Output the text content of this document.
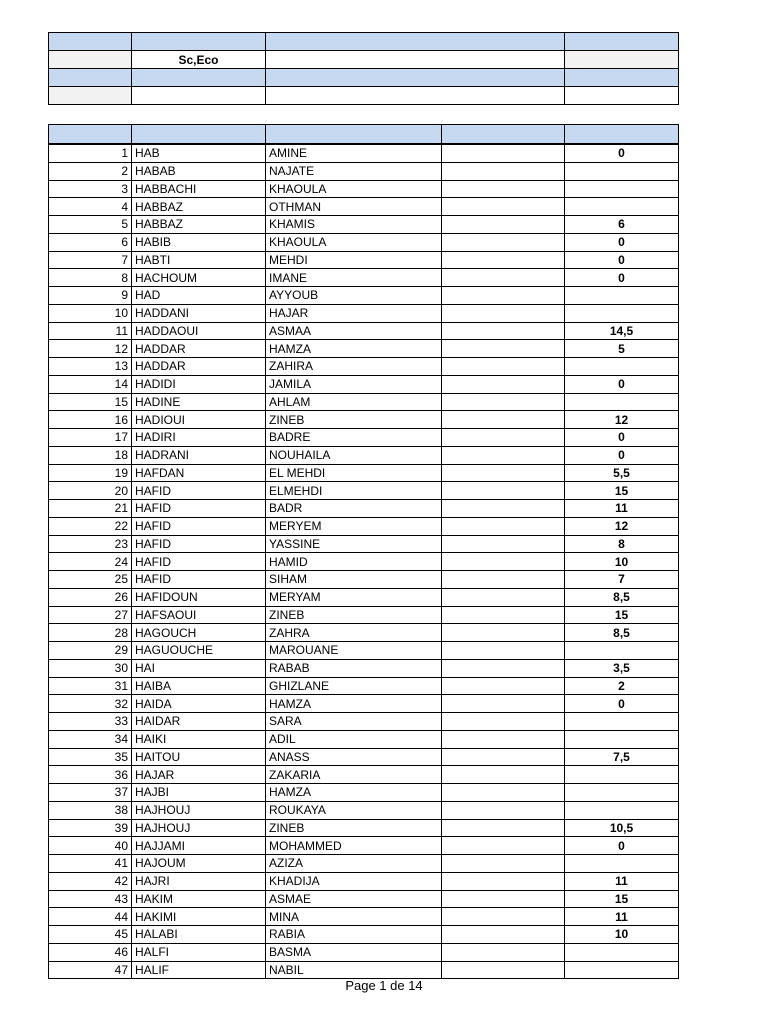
	Sc,Eco		

1	HAB	AMINE		0
2	HABAB	NAJATE		
3	HABBACHI	KHAOULA		
4	HABBAZ	OTHMAN		
5	HABBAZ	KHAMIS		6
6	HABIB	KHAOULA		0
7	HABTI	MEHDI		0
8	HACHOUM	IMANE		0
9	HAD	AYYOUB		
10	HADDANI	HAJAR		
11	HADDAOUI	ASMAA		14,5
12	HADDAR	HAMZA		5
13	HADDAR	ZAHIRA		
14	HADIDI	JAMILA		0
15	HADINE	AHLAM		
16	HADIOUI	ZINEB		12
17	HADIRI	BADRE		0
18	HADRANI	NOUHAILA		0
19	HAFDAN	EL MEHDI		5,5
20	HAFID	ELMEHDI		15
21	HAFID	BADR		11
22	HAFID	MERYEM		12
23	HAFID	YASSINE		8
24	HAFID	HAMID		10
25	HAFID	SIHAM		7
26	HAFIDOUN	MERYAM		8,5
27	HAFSAOUI	ZINEB		15
28	HAGOUCH	ZAHRA		8,5
29	HAGUOUCHE	MAROUANE		
30	HAI	RABAB		3,5
31	HAIBA	GHIZLANE		2
32	HAIDA	HAMZA		0
33	HAIDAR	SARA		
34	HAIKI	ADIL		
35	HAITOU	ANASS		7,5
36	HAJAR	ZAKARIA		
37	HAJBI	HAMZA		
38	HAJHOUJ	ROUKAYA		
39	HAJHOUJ	ZINEB		10,5
40	HAJJAMI	MOHAMMED		0
41	HAJOUM	AZIZA		
42	HAJRI	KHADIJA		11
43	HAKIM	ASMAE		15
44	HAKIMI	MINA		11
45	HALABI	RABIA		10
46	HALFI	BASMA		
47	HALIF	NABIL		
Page 1 de 14
